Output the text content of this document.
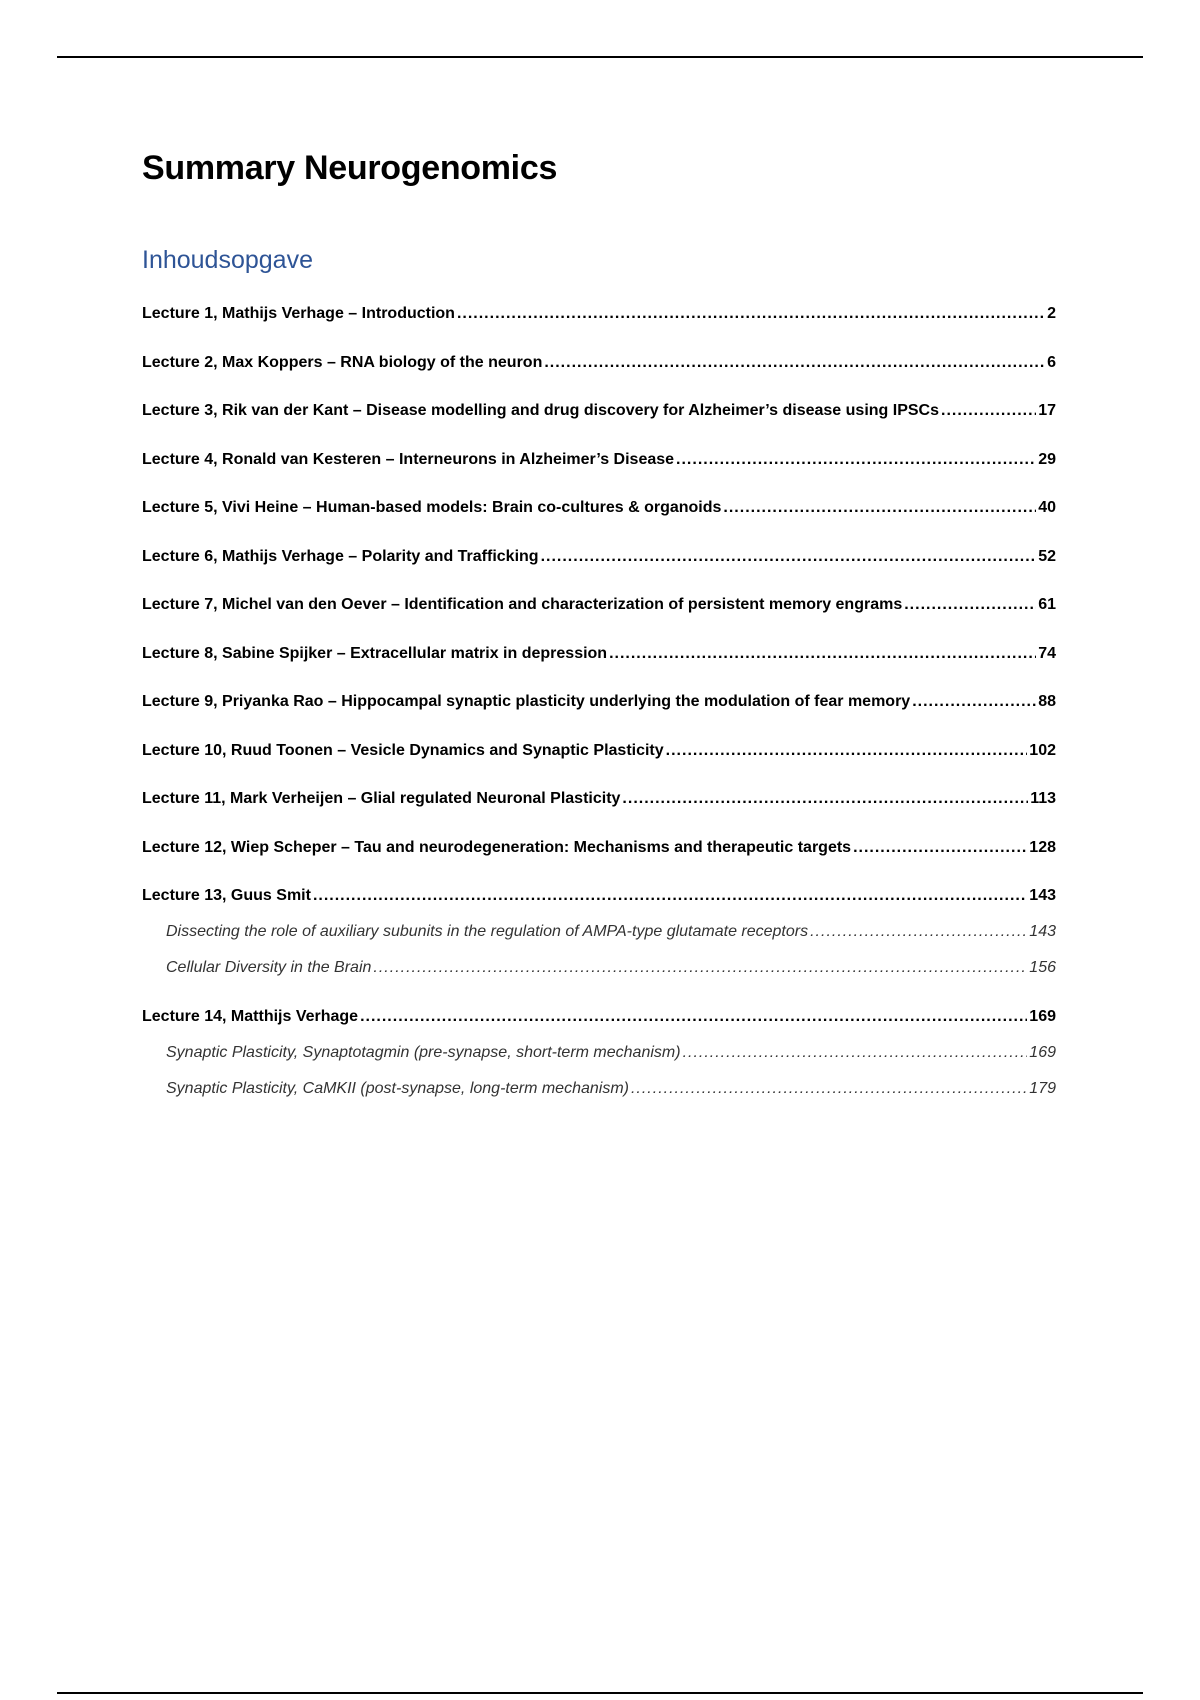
Summary Neurogenomics
Inhoudsopgave
Lecture 1, Mathijs Verhage – Introduction .....	2
Lecture 2, Max Koppers – RNA biology of the neuron .....	6
Lecture 3, Rik van der Kant – Disease modelling and drug discovery for Alzheimer’s disease using IPSCs .....	17
Lecture 4, Ronald van Kesteren – Interneurons in Alzheimer’s Disease .....	29
Lecture 5, Vivi Heine – Human-based models: Brain co-cultures & organoids .....	40
Lecture 6, Mathijs Verhage – Polarity and Trafficking .....	52
Lecture 7, Michel van den Oever – Identification and characterization of persistent memory engrams .....	61
Lecture 8, Sabine Spijker – Extracellular matrix in depression .....	74
Lecture 9, Priyanka Rao – Hippocampal synaptic plasticity underlying the modulation of fear memory .....	88
Lecture 10, Ruud Toonen – Vesicle Dynamics and Synaptic Plasticity .....	102
Lecture 11, Mark Verheijen – Glial regulated Neuronal Plasticity .....	113
Lecture 12, Wiep Scheper – Tau and neurodegeneration: Mechanisms and therapeutic targets .....	128
Lecture 13, Guus Smit .....	143
Dissecting the role of auxiliary subunits in the regulation of AMPA-type glutamate receptors .....	143
Cellular Diversity in the Brain .....	156
Lecture 14, Matthijs Verhage .....	169
Synaptic Plasticity, Synaptotagmin (pre-synapse, short-term mechanism) .....	169
Synaptic Plasticity, CaMKII (post-synapse, long-term mechanism) .....	179
